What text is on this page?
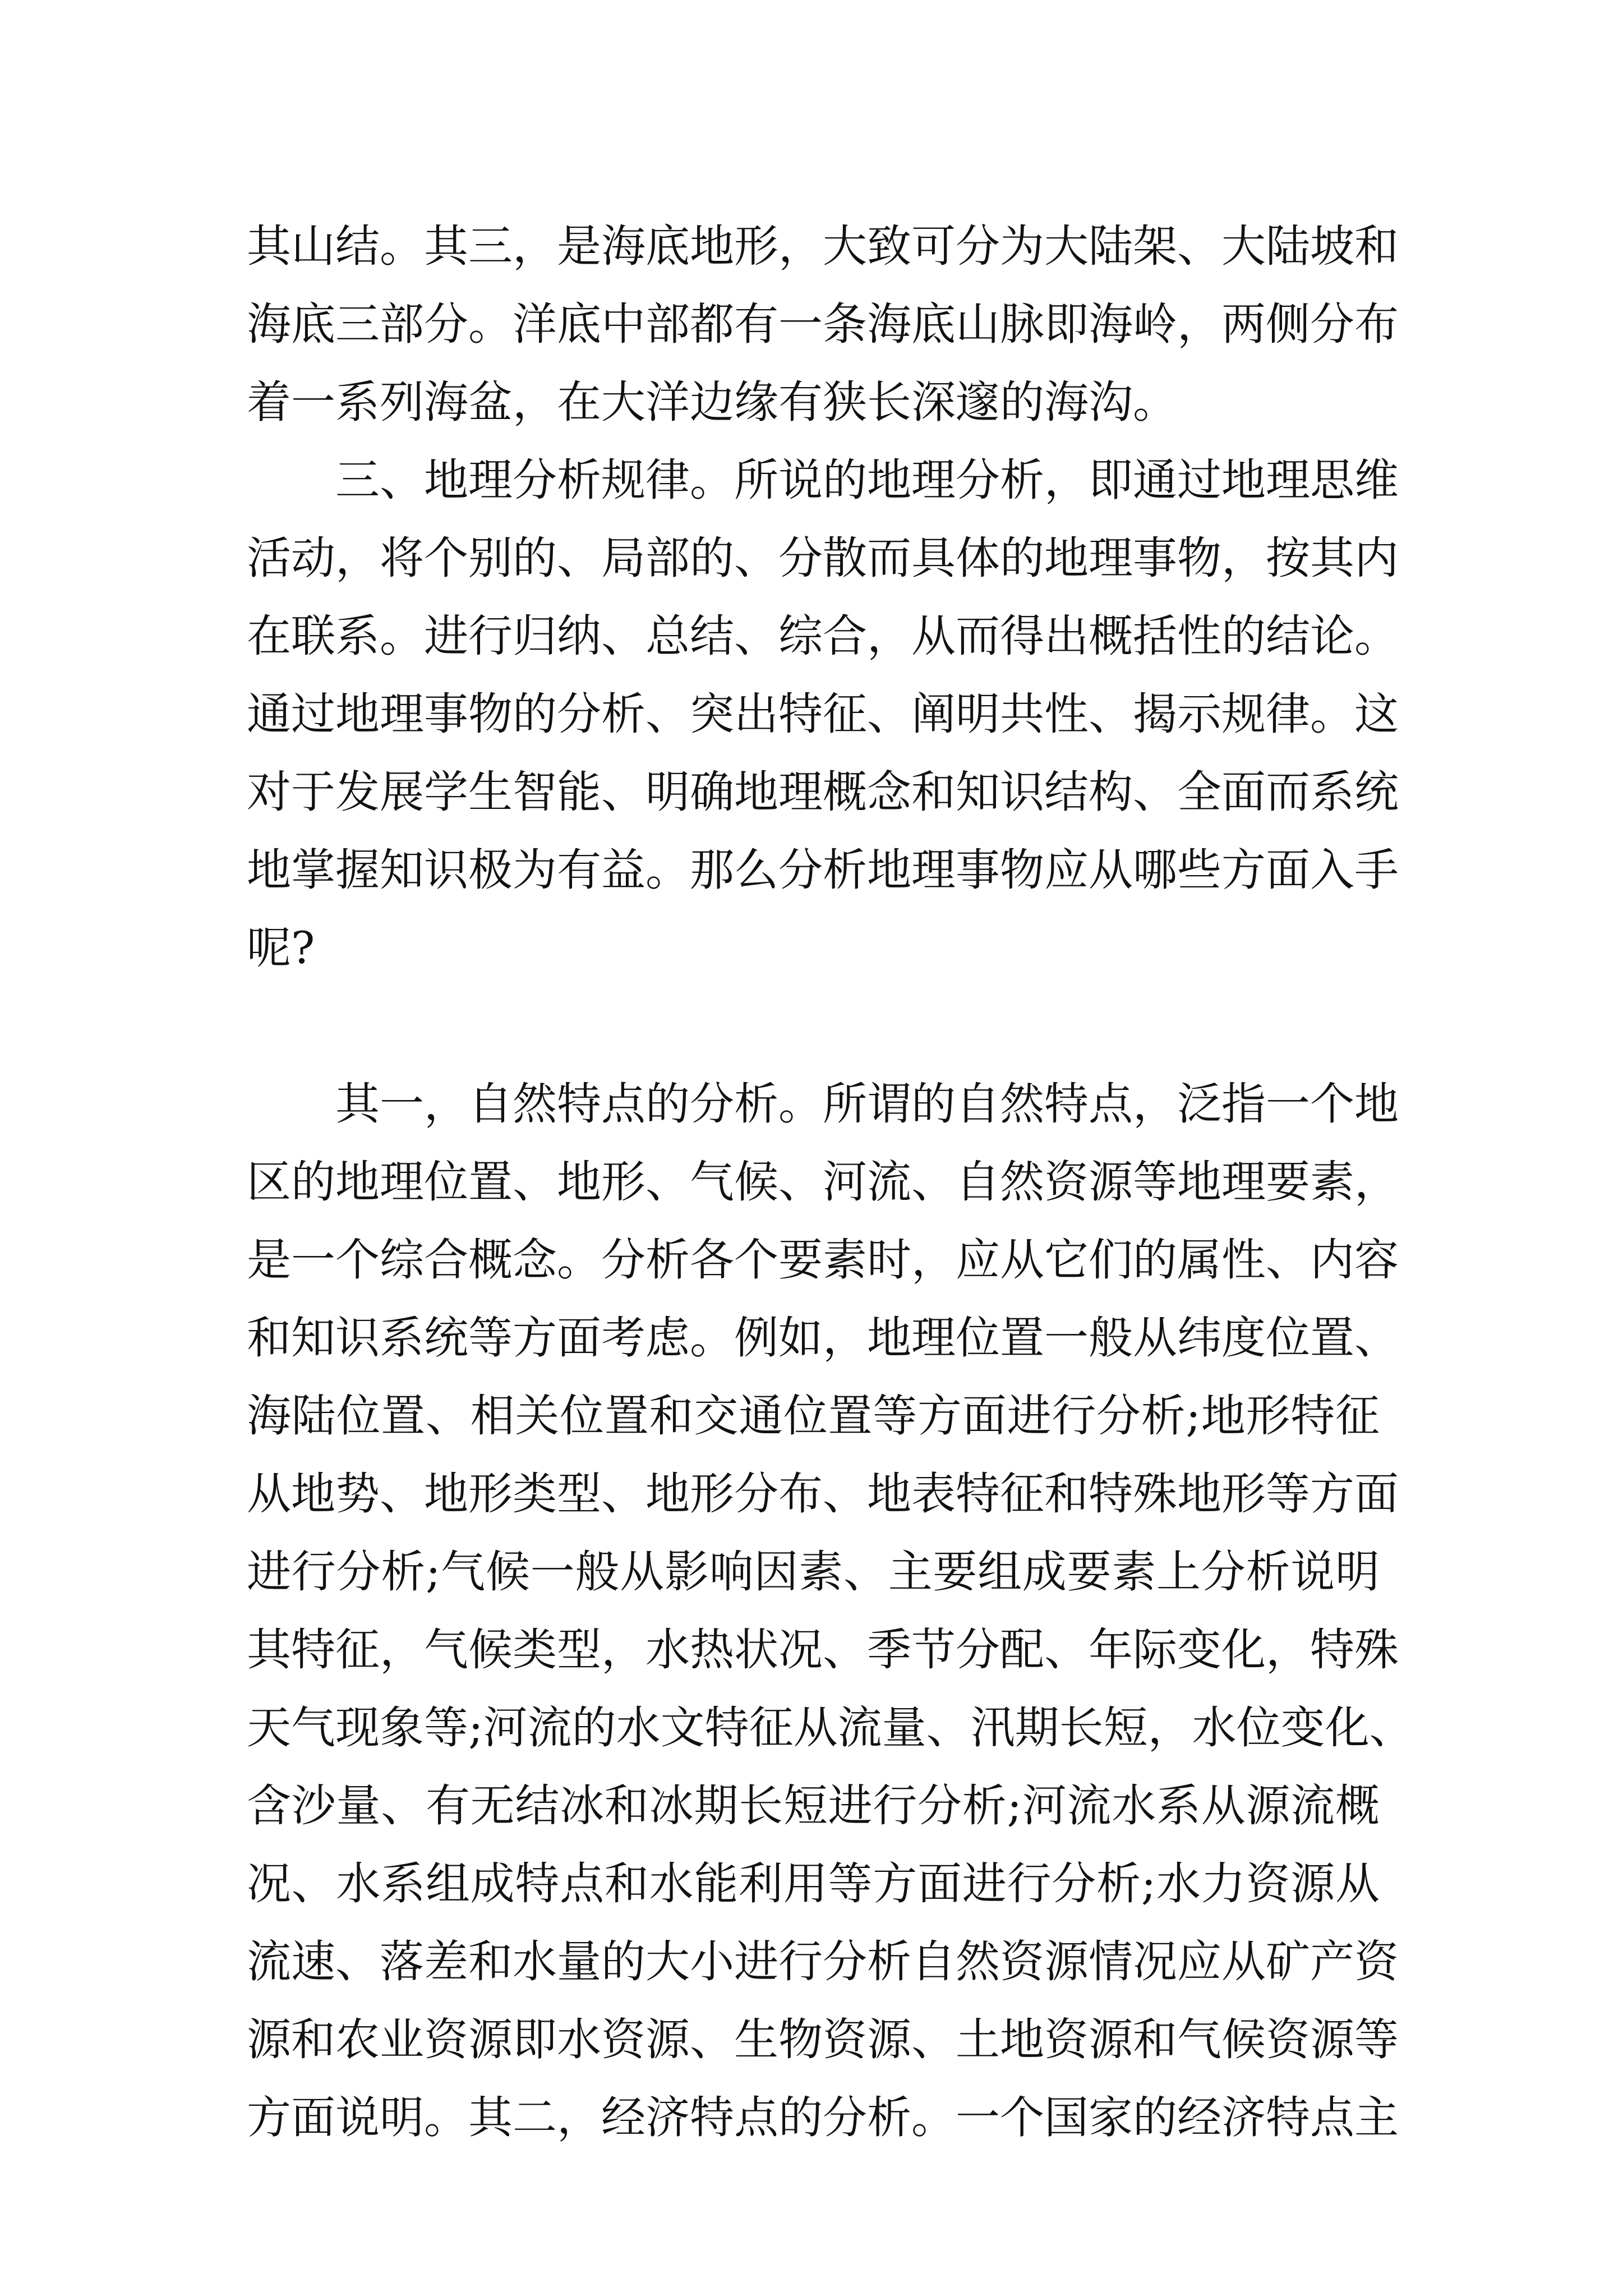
其山结。其三，是海底地形，大致可分为大陆架、大陆坡和
海底三部分。洋底中部都有一条海底山脉即海岭，两侧分布
着一系列海盆，在大洋边缘有狭长深邃的海沟。
三、地理分析规律。所说的地理分析，即通过地理思维
活动，将个别的、局部的、分散而具体的地理事物，按其内
在联系。进行归纳、总结、综合，从而得出概括性的结论。
通过地理事物的分析、突出特征、阐明共性、揭示规律。这
对于发展学生智能、明确地理概念和知识结构、全面而系统
地掌握知识极为有益。那么分析地理事物应从哪些方面入手
呢?
其一，自然特点的分析。所谓的自然特点，泛指一个地
区的地理位置、地形、气候、河流、自然资源等地理要素，
是一个综合概念。分析各个要素时，应从它们的属性、内容
和知识系统等方面考虑。例如，地理位置一般从纬度位置、
海陆位置、相关位置和交通位置等方面进行分析;地形特征
从地势、地形类型、地形分布、地表特征和特殊地形等方面
进行分析;气候一般从影响因素、主要组成要素上分析说明
其特征，气候类型，水热状况、季节分配、年际变化，特殊
天气现象等;河流的水文特征从流量、汛期长短，水位变化、
含沙量、有无结冰和冰期长短进行分析;河流水系从源流概
况、水系组成特点和水能利用等方面进行分析;水力资源从
流速、落差和水量的大小进行分析自然资源情况应从矿产资
源和农业资源即水资源、生物资源、土地资源和气候资源等
方面说明。其二，经济特点的分析。一个国家的经济特点主
